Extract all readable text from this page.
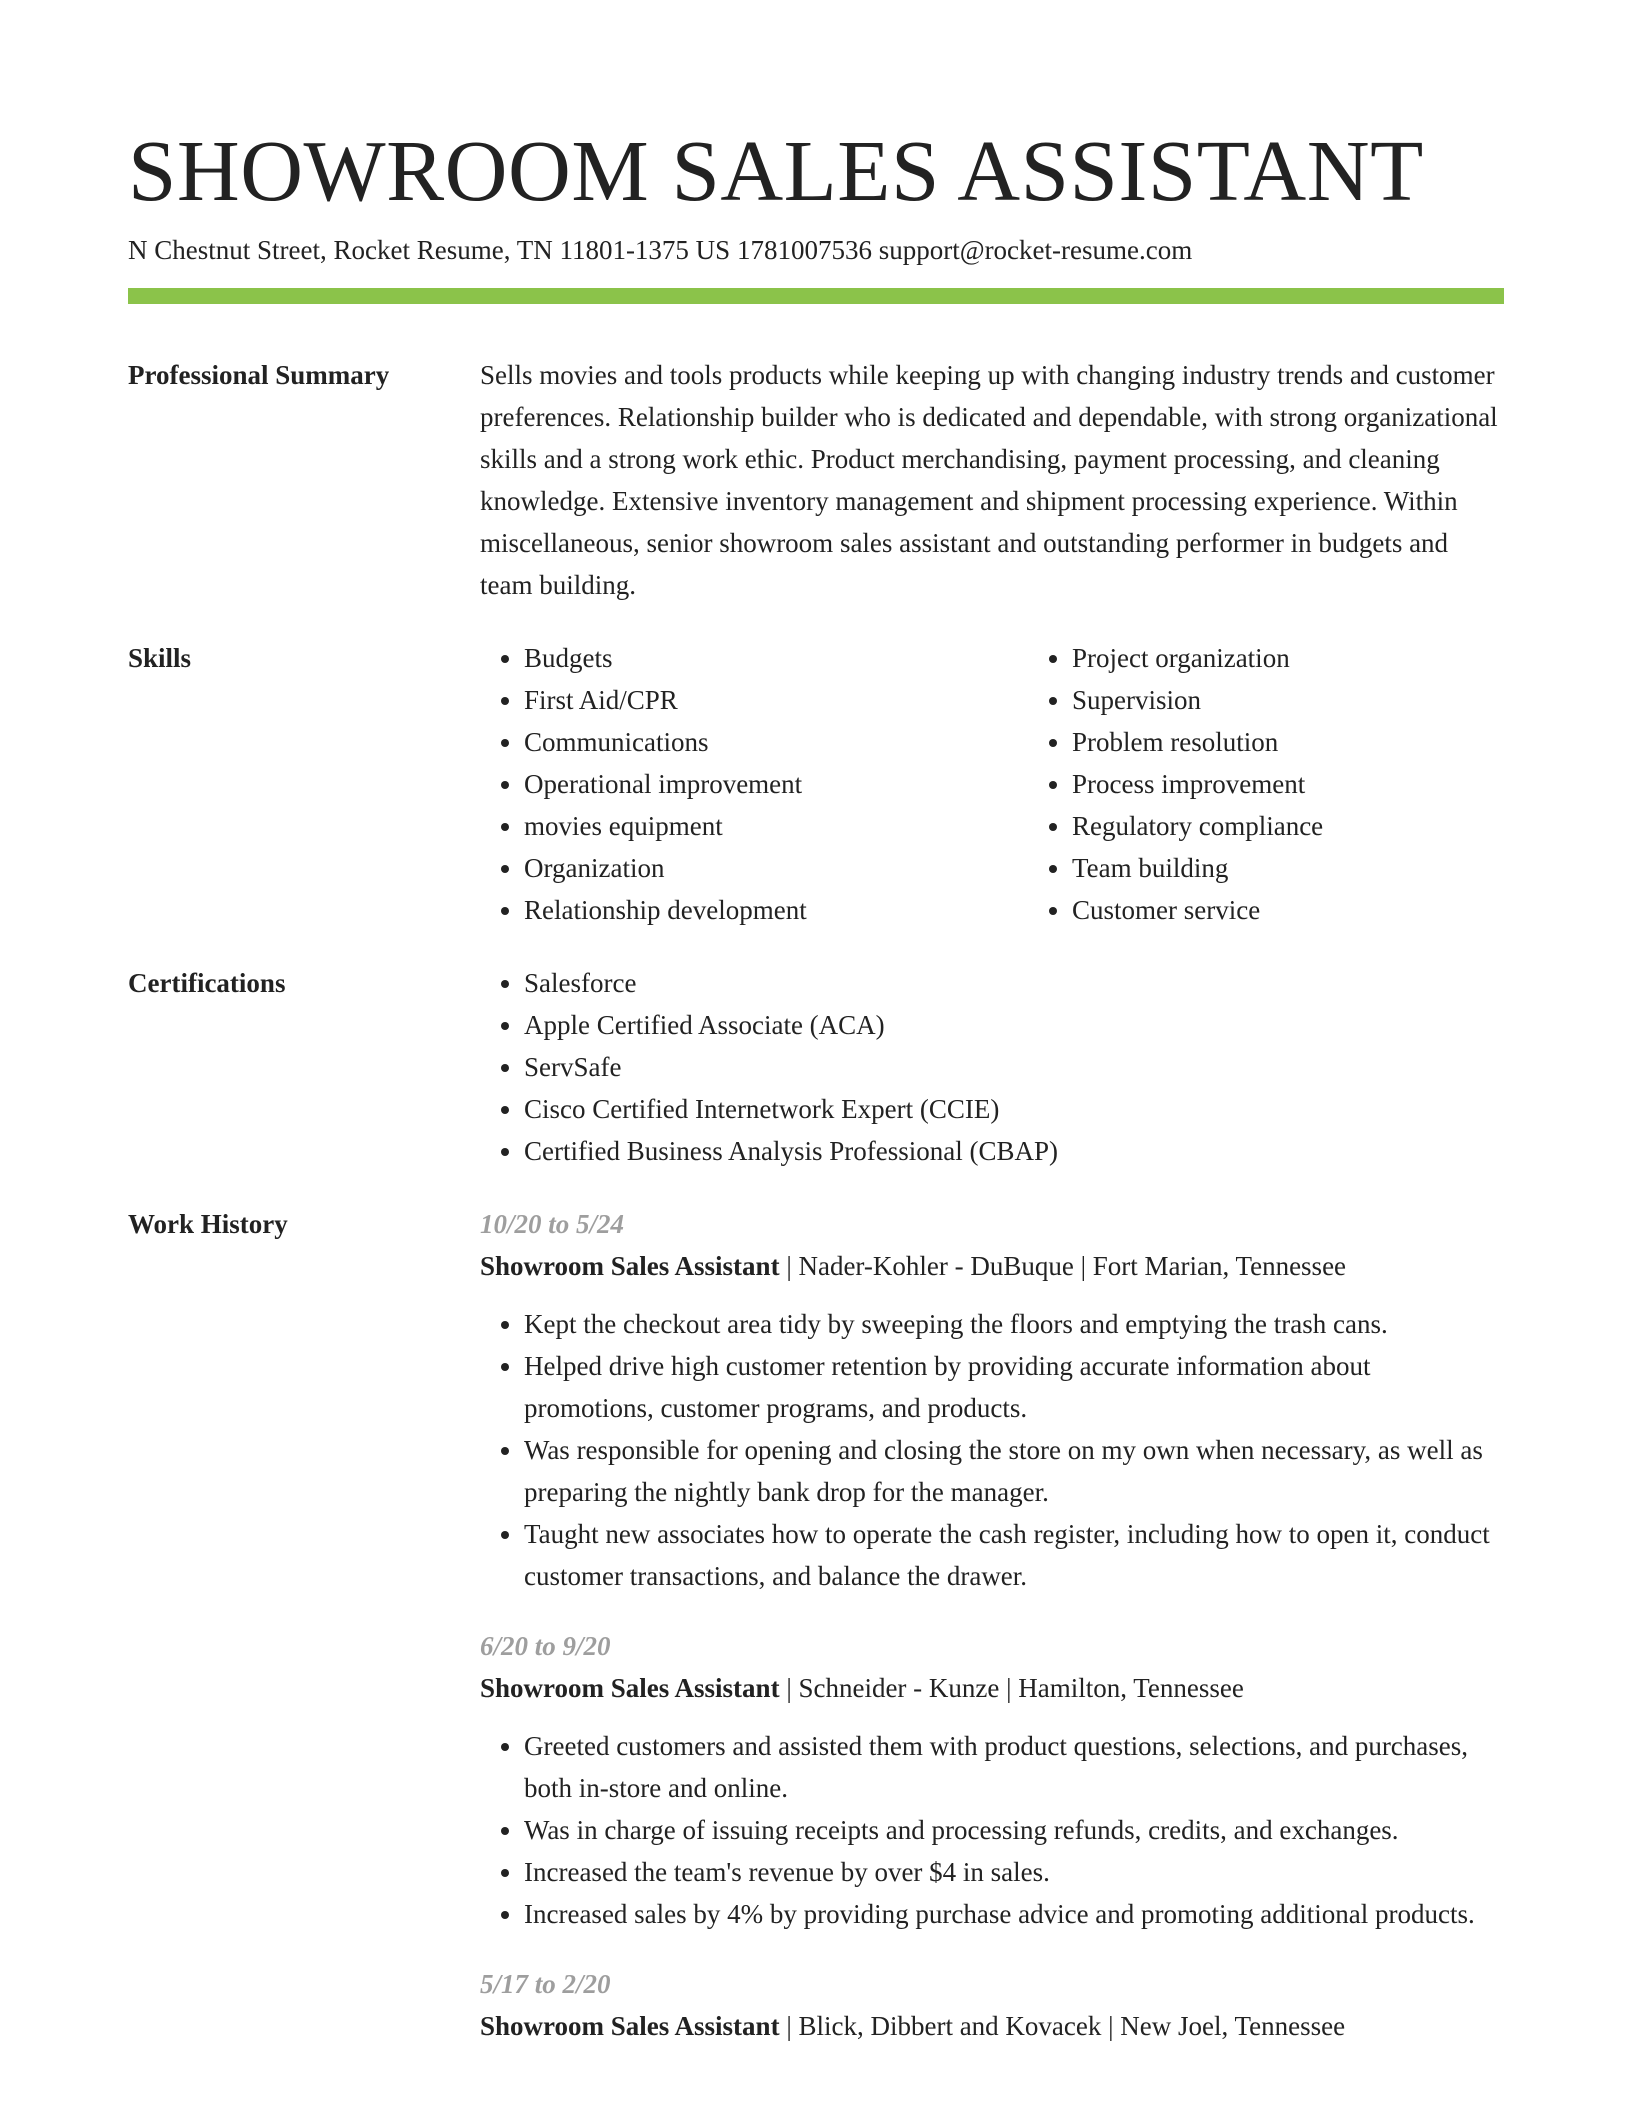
SHOWROOM SALES ASSISTANT
N Chestnut Street, Rocket Resume, TN 11801-1375 US 1781007536 support@rocket-resume.com
Professional Summary	Sells movies and tools products while keeping up with changing industry trends and customer preferences. Relationship builder who is dedicated and dependable, with strong organizational skills and a strong work ethic. Product merchandising, payment processing, and cleaning knowledge. Extensive inventory management and shipment processing experience. Within miscellaneous, senior showroom sales assistant and outstanding performer in budgets and team building.

Skills	• Budgets
• First Aid/CPR
• Communications
• Operational improvement
• movies equipment
• Organization
• Relationship development
• Project organization
• Supervision
• Problem resolution
• Process improvement
• Regulatory compliance
• Team building
• Customer service
Certifications	• Salesforce
• Apple Certified Associate (ACA)
• ServSafe
• Cisco Certified Internetwork Expert (CCIE)
• Certified Business Analysis Professional (CBAP)
Work History	10/20 to 5/24
Showroom Sales Assistant | Nader-Kohler - DuBuque | Fort Marian, Tennessee
• Kept the checkout area tidy by sweeping the floors and emptying the trash cans.
• Helped drive high customer retention by providing accurate information about promotions, customer programs, and products.
• Was responsible for opening and closing the store on my own when necessary, as well as preparing the nightly bank drop for the manager.
• Taught new associates how to operate the cash register, including how to open it, conduct customer transactions, and balance the drawer.
6/20 to 9/20
Showroom Sales Assistant | Schneider - Kunze | Hamilton, Tennessee
• Greeted customers and assisted them with product questions, selections, and purchases, both in-store and online.
• Was in charge of issuing receipts and processing refunds, credits, and exchanges.
• Increased the team's revenue by over $4 in sales.
• Increased sales by 4% by providing purchase advice and promoting additional products.
5/17 to 2/20
Showroom Sales Assistant | Blick, Dibbert and Kovacek | New Joel, Tennessee
